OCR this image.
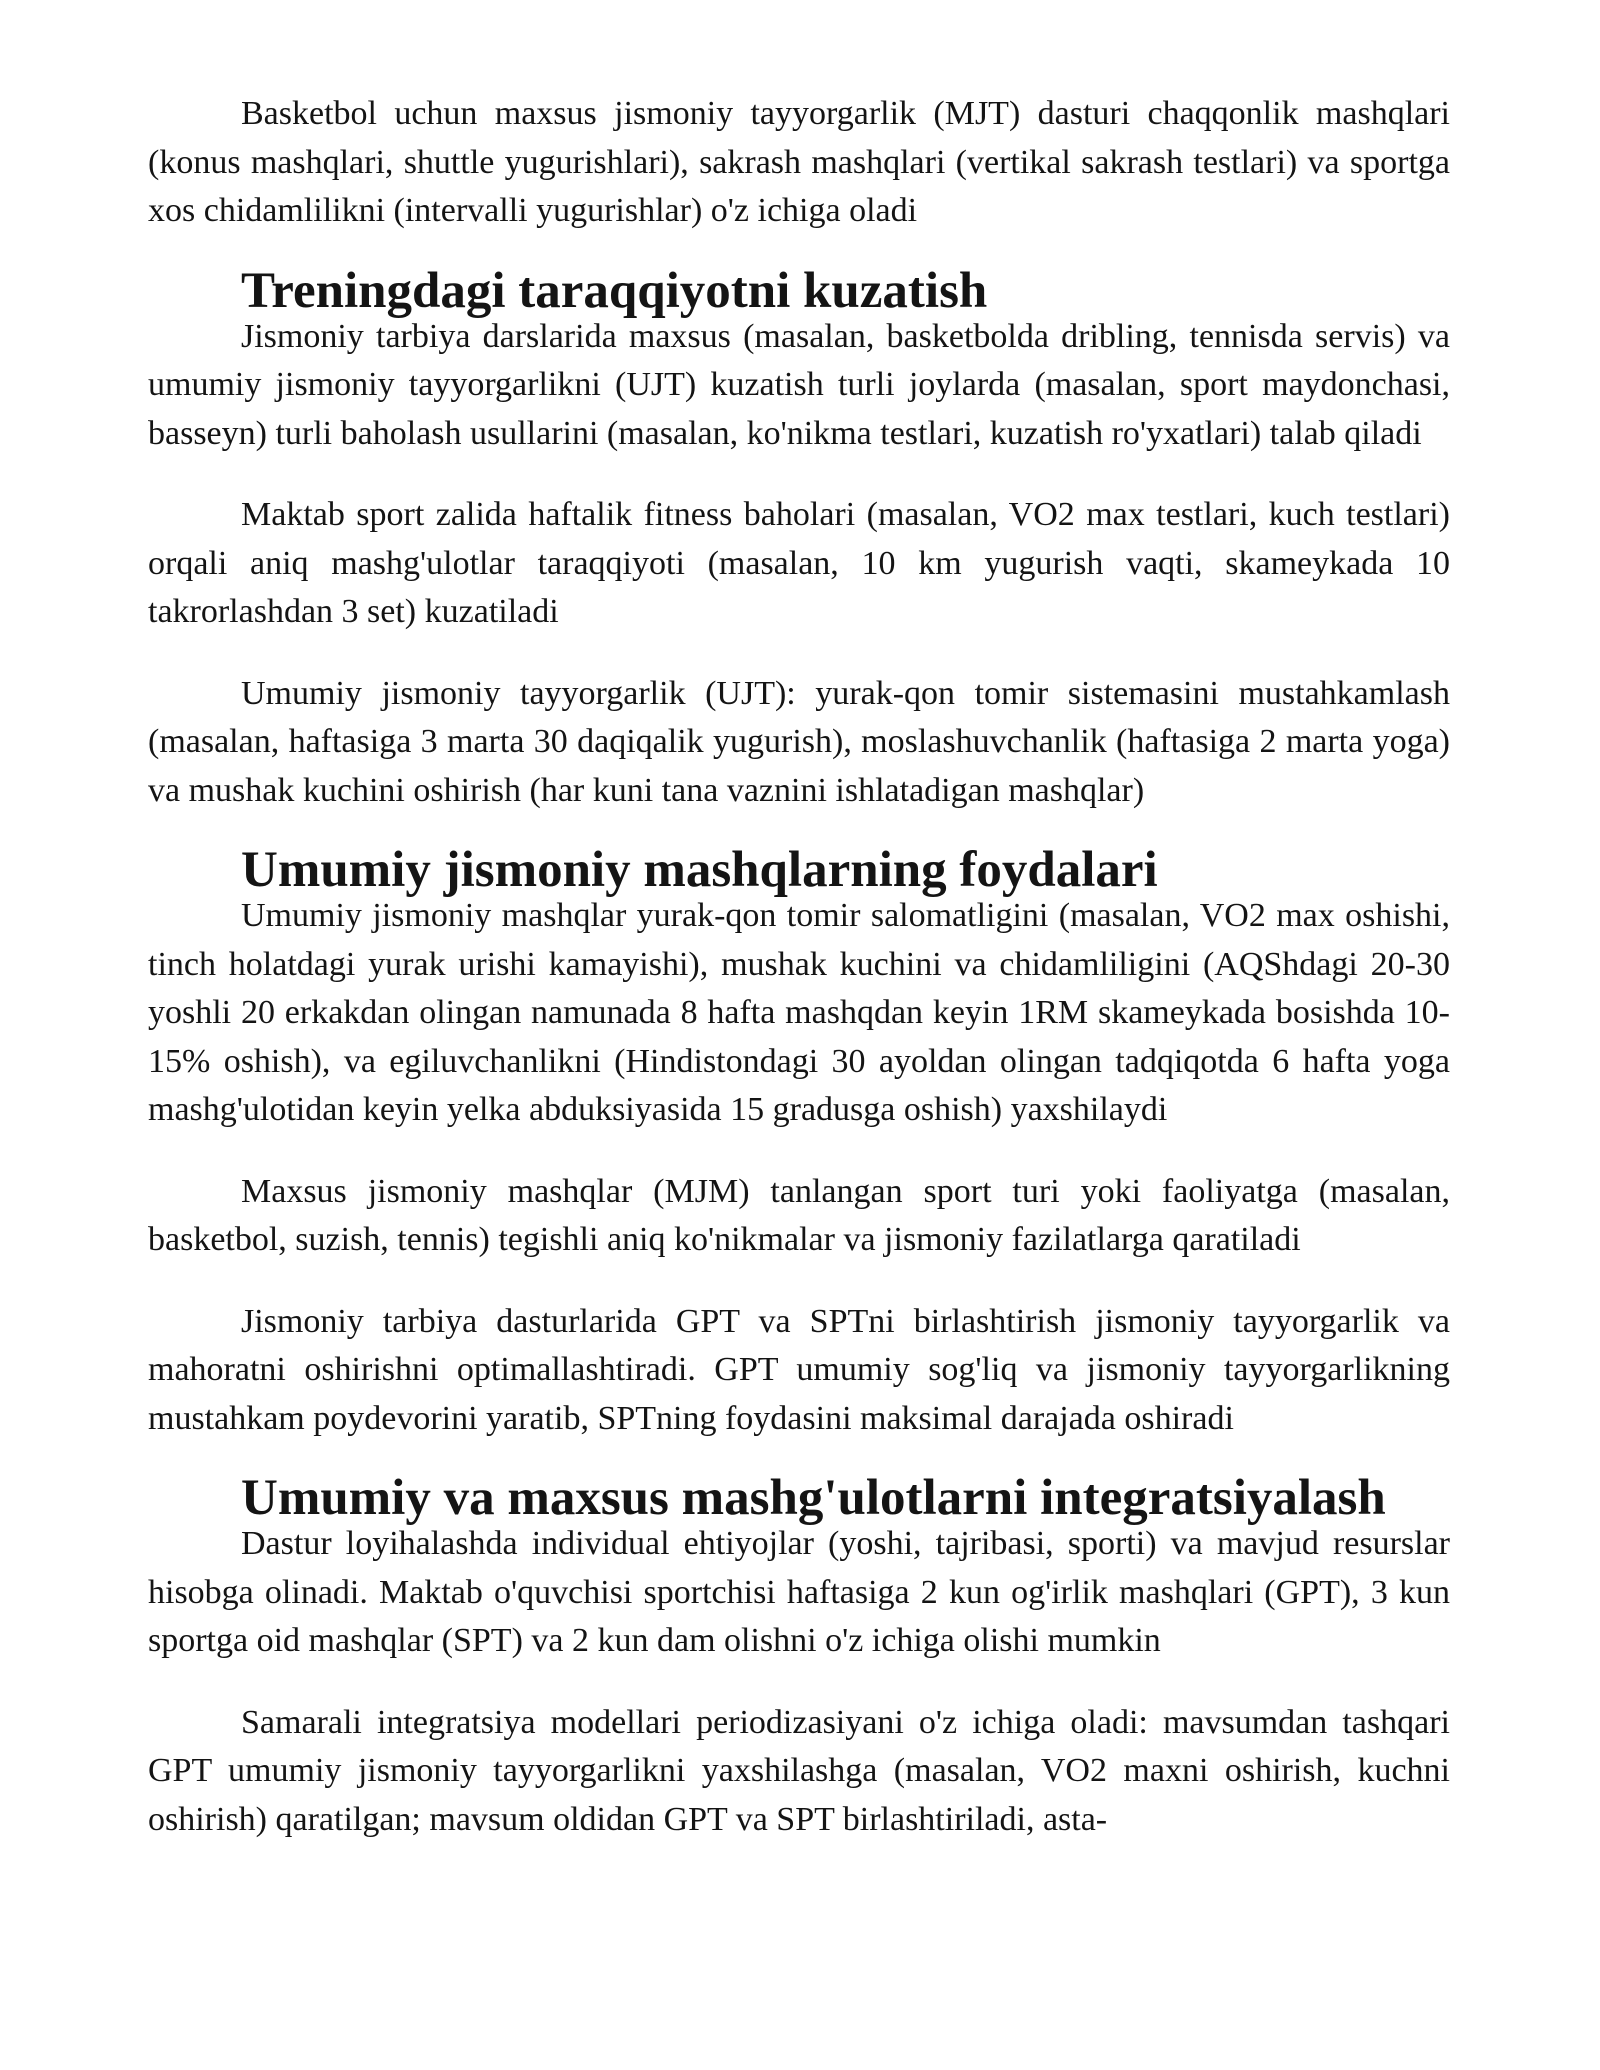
Basketbol uchun maxsus jismoniy tayyorgarlik (MJT) dasturi chaqqonlik mashqlari (konus mashqlari, shuttle yugurishlari), sakrash mashqlari (vertikal sakrash testlari) va sportga xos chidamlilikni (intervalli yugurishlar) o'z ichiga oladi

Treningdagi taraqqiyotni kuzatish

Jismoniy tarbiya darslarida maxsus (masalan, basketbolda dribling, tennisda servis) va umumiy jismoniy tayyorgarlikni (UJT) kuzatish turli joylarda (masalan, sport maydonchasi, basseyn) turli baholash usullarini (masalan, ko'nikma testlari, kuzatish ro'yxatlari) talab qiladi

Maktab sport zalida haftalik fitness baholari (masalan, VO2 max testlari, kuch testlari) orqali aniq mashg'ulotlar taraqqiyoti (masalan, 10 km yugurish vaqti, skameykada 10 takrorlashdan 3 set) kuzatiladi

Umumiy jismoniy tayyorgarlik (UJT): yurak-qon tomir sistemasini mustahkamlash (masalan, haftasiga 3 marta 30 daqiqalik yugurish), moslashuvchanlik (haftasiga 2 marta yoga) va mushak kuchini oshirish (har kuni tana vaznini ishlatadigan mashqlar)

Umumiy jismoniy mashqlarning foydalari

Umumiy jismoniy mashqlar yurak-qon tomir salomatligini (masalan, VO2 max oshishi, tinch holatdagi yurak urishi kamayishi), mushak kuchini va chidamliligini (AQShdagi 20-30 yoshli 20 erkakdan olingan namunada 8 hafta mashqdan keyin 1RM skameykada bosishda 10-15% oshish), va egiluvchanlikni (Hindistondagi 30 ayoldan olingan tadqiqotda 6 hafta yoga mashg'ulotidan keyin yelka abduksiyasida 15 gradusga oshish) yaxshilaydi

Maxsus jismoniy mashqlar (MJM) tanlangan sport turi yoki faoliyatga (masalan, basketbol, suzish, tennis) tegishli aniq ko'nikmalar va jismoniy fazilatlarga qaratiladi

Jismoniy tarbiya dasturlarida GPT va SPTni birlashtirish jismoniy tayyorgarlik va mahoratni oshirishni optimallashtiradi. GPT umumiy sog'liq va jismoniy tayyorgarlikning mustahkam poydevorini yaratib, SPTning foydasini maksimal darajada oshiradi

Umumiy va maxsus mashg'ulotlarni integratsiyalash

Dastur loyihalashda individual ehtiyojlar (yoshi, tajribasi, sporti) va mavjud resurslar hisobga olinadi. Maktab o'quvchisi sportchisi haftasiga 2 kun og'irlik mashqlari (GPT), 3 kun sportga oid mashqlar (SPT) va 2 kun dam olishni o'z ichiga olishi mumkin

Samarali integratsiya modellari periodizasiyani o'z ichiga oladi: mavsumdan tashqari GPT umumiy jismoniy tayyorgarlikni yaxshilashga (masalan, VO2 maxni oshirish, kuchni oshirish) qaratilgan; mavsum oldidan GPT va SPT birlashtiriladi, asta-
